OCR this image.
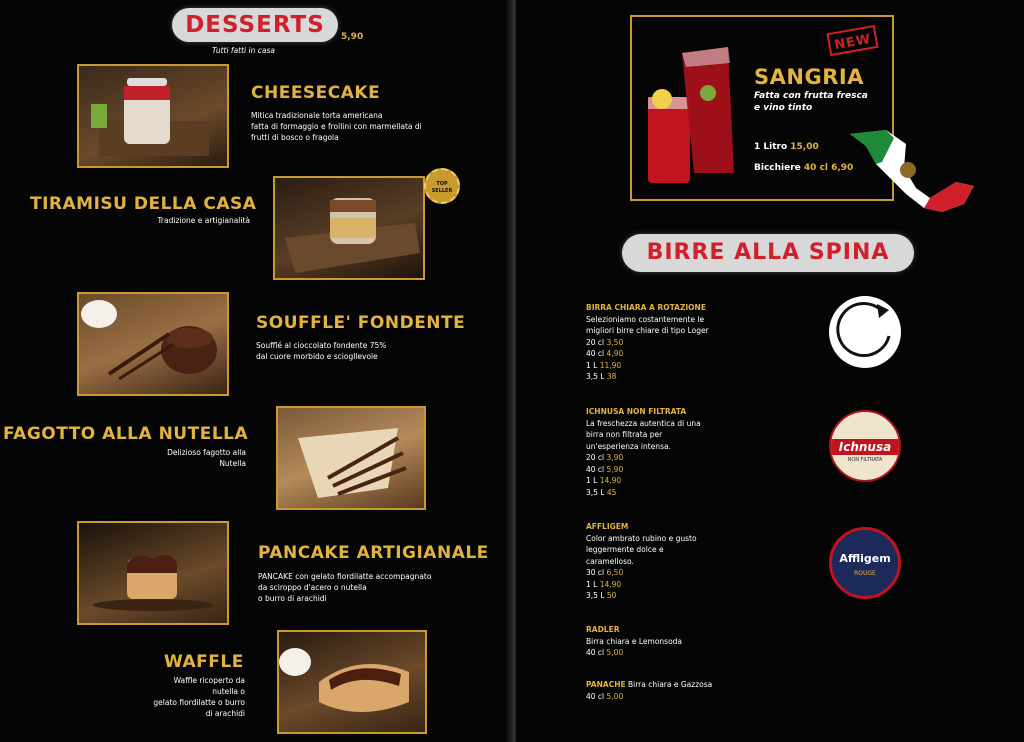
DESSERTS	5,90
Tutti fatti in casa
CHEESECAKE
Mitica tradizionale torta americana
fatta di formaggio e frollini con marmellata di
frutti di bosco o fragola
TIRAMISU DELLA CASA
Tradizione e artigianalità
TOP SELLER
SOUFFLE' FONDENTE
Soufflé al cioccolato fondente 75%
dal cuore morbido e sciogllevole
FAGOTTO ALLA NUTELLA
Delizioso fagotto alla
Nutella
PANCAKE ARTIGIANALE
PANCAKE con gelato fiordilatte accompagnato
da sciroppo d'acero o nutella
o burro di arachidi
WAFFLE
Waffle ricoperto da
nutella o
gelato fiordilatte o burro
di arachidi
NEW
SANGRIA
Fatta con frutta fresca
e vino tinto
1 Litro 15,00
Bicchiere 40 cl 6,90
BIRRE ALLA SPINA
BIRRA CHIARA A ROTAZIONE
Selezioniamo costantemente le
migliori birre chiare di tipo Loger
20 cl 3,50
40 cl 4,90
1 L 11,90
3,5 L 38
ICHNUSA NON FILTRATA
La freschezza autentica di una
birra non filtrata per
un'esperienza intensa.
20 cl 3,90
40 cl 5,90
1 L 14,90
3,5 L 45
Ichnusa
NON FILTRATA
AFFLIGEM
Color ambrato rubino e gusto
leggermente dolce e
caramelloso.
30 cl 6,50
1 L 14,90
3,5 L 50
Affligem
ROUGE
RADLER
Birra chiara e Lemonsoda
40 cl 5,00
PANACHE Birra chiara e Gazzosa
40 cl 5,00
